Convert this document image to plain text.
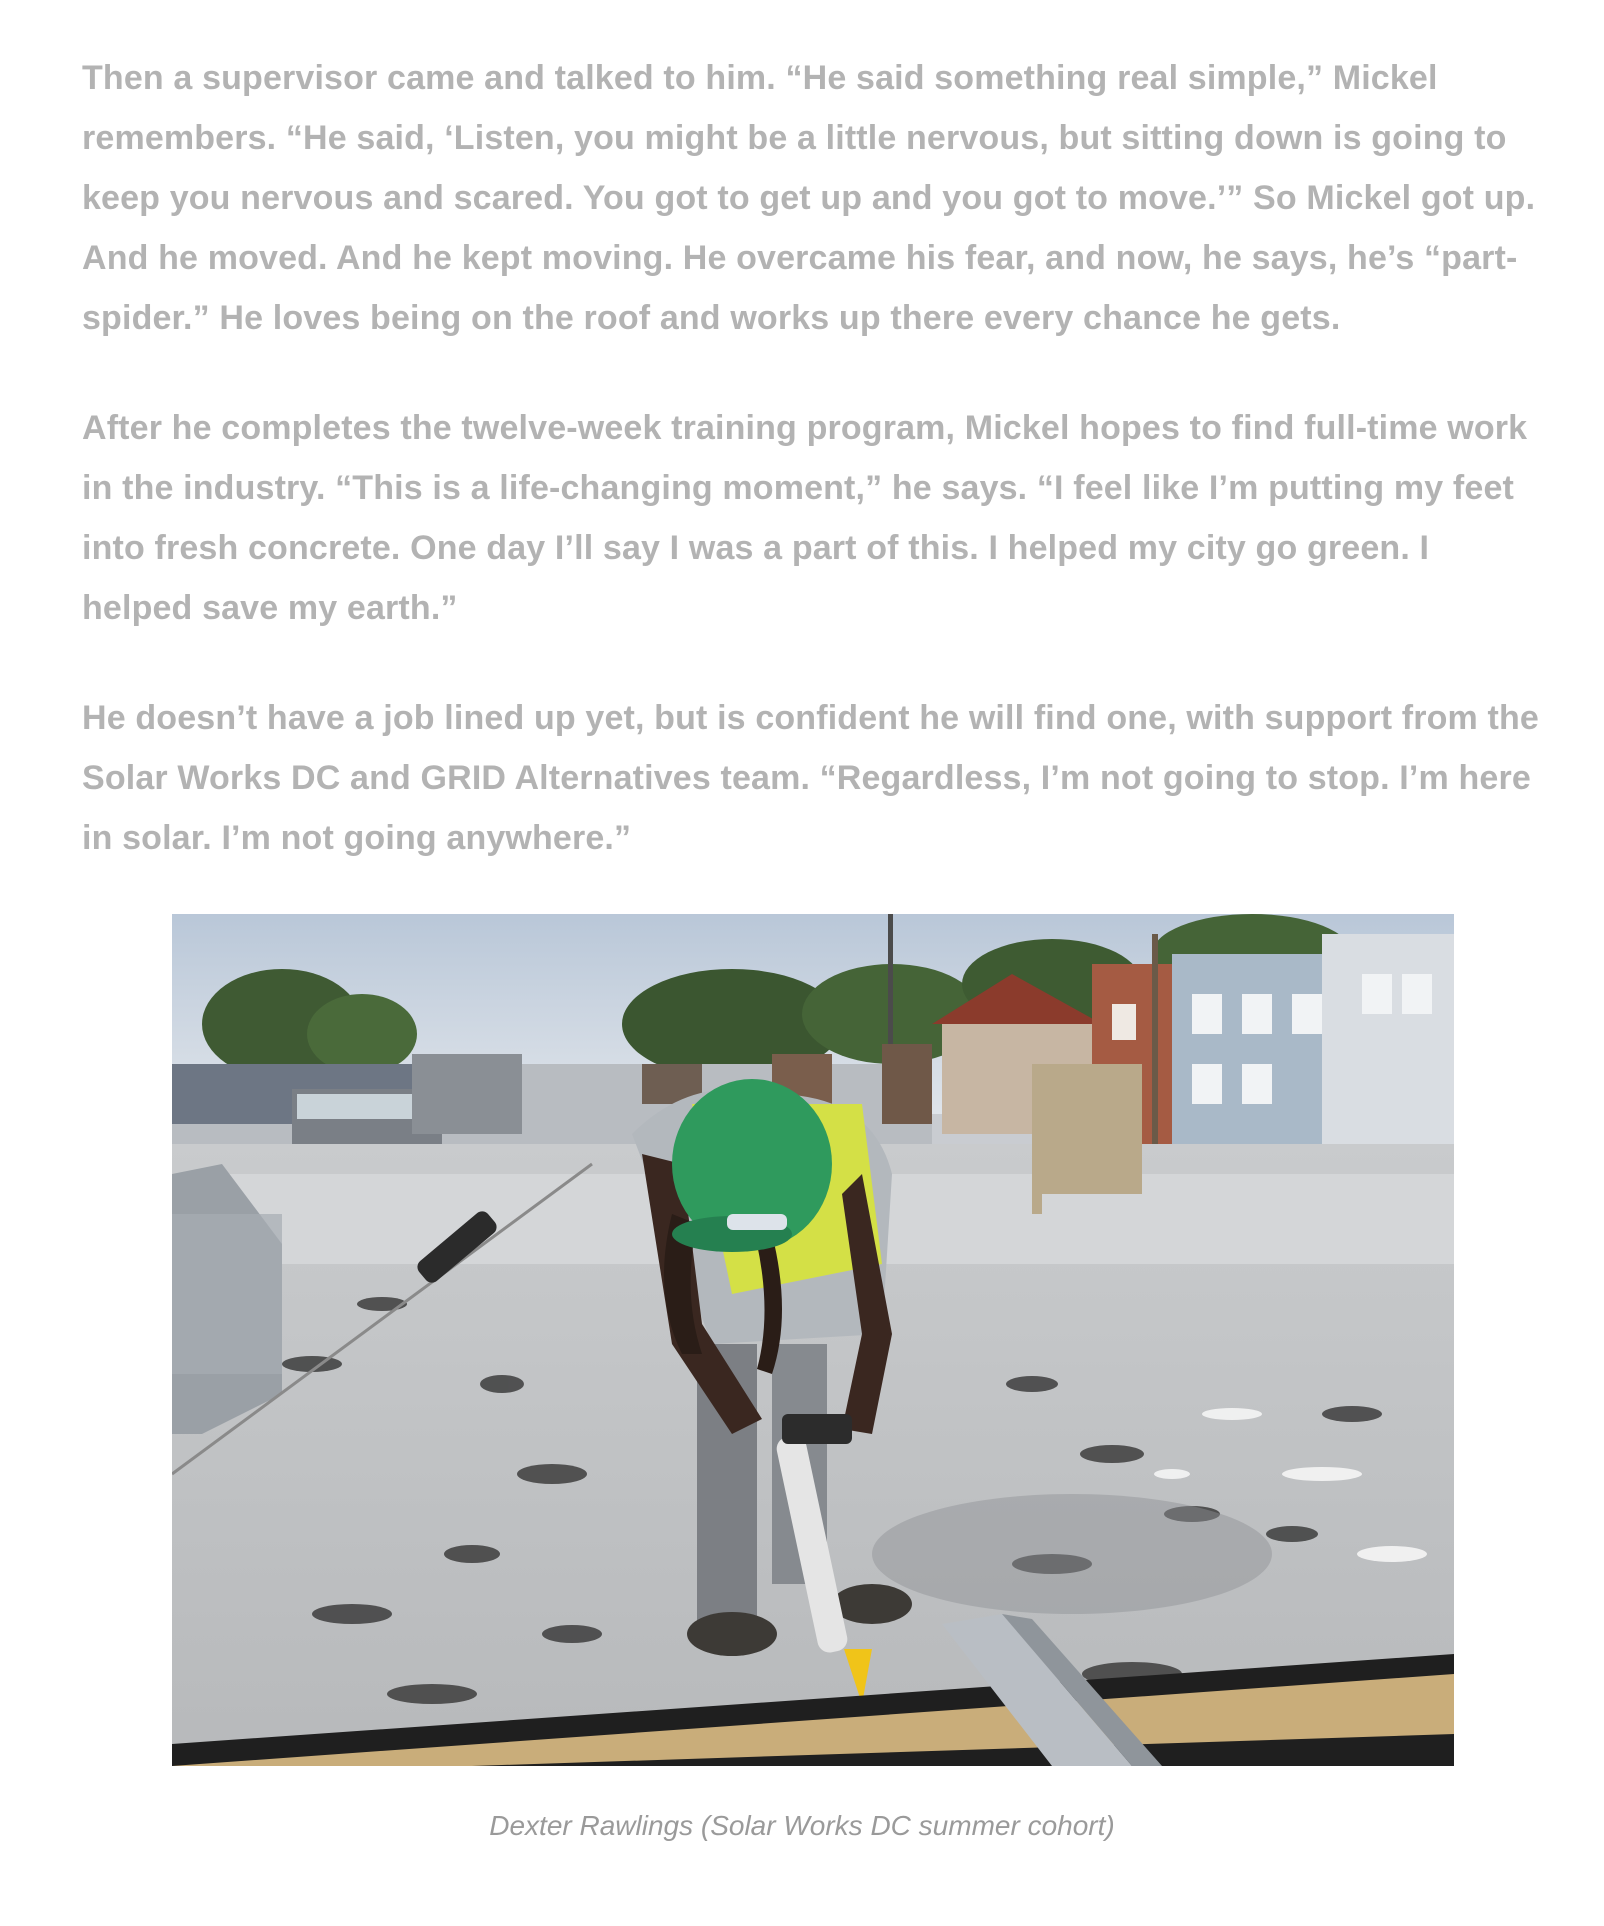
Then a supervisor came and talked to him. “He said something real simple,” Mickel remembers. “He said, ‘Listen, you might be a little nervous, but sitting down is going to keep you nervous and scared. You got to get up and you got to move.’” So Mickel got up. And he moved. And he kept moving. He overcame his fear, and now, he says, he’s “part-spider.” He loves being on the roof and works up there every chance he gets.

After he completes the twelve-week training program, Mickel hopes to find full-time work in the industry. “This is a life-changing moment,” he says. “I feel like I’m putting my feet into fresh concrete. One day I’ll say I was a part of this. I helped my city go green. I helped save my earth.”

He doesn’t have a job lined up yet, but is confident he will find one, with support from the Solar Works DC and GRID Alternatives team. “Regardless, I’m not going to stop. I’m here in solar. I’m not going anywhere.”

Dexter Rawlings (Solar Works DC summer cohort)
